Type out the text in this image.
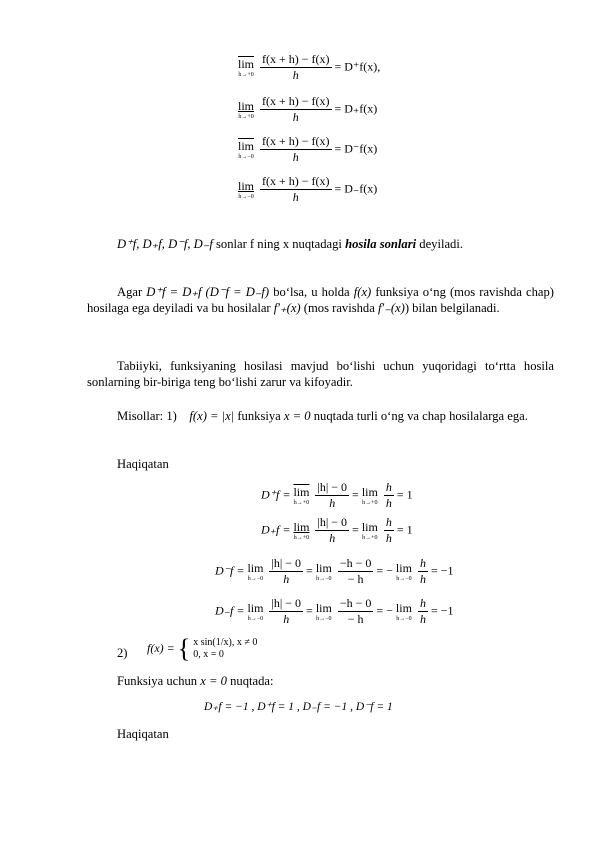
$\overline{lim}$
h→+0
$\frac{f(x + h) - f(x)}{h} = D^+f(x)$,
lim
h→+0
$\frac{f(x + h) - f(x)}{h} = D_+f(x)$
$\overline{lim}$
h→−0
$\frac{f(x + h) - f(x)}{h} = D^-f(x)$
lim
h→−0
$\frac{f(x + h) - f(x)}{h} = D_-f(x)$
D⁺f, D₊f, D⁻f, D₋f sonlar f ning x nuqtadagi hosila sonlari deyiladi.
Agar D⁺f = D₊f (D⁻f = D₋f) bo‘lsa, u holda f(x) funksiya o‘ng (mos ravishda chap) hosilaga ega deyiladi va bu hosilalar f′₊(x) (mos ravishda f′₋(x)) bilan belgilanadi.
Tabiiyki, funksiyaning hosilasi mavjud bo‘lishi uchun yuqoridagi to‘rtta hosila sonlarning bir-biriga teng bo‘lishi zarur va kifoyadir.
Misollar: 1) f(x) = |x| funksiya x = 0 nuqtada turli o‘ng va chap hosilalarga ega.
Haqiqatan
$D^+f = \overline{lim}$
h→+0
$\frac{|h| - 0}{h} = \lim$
h→+0
$\frac{h}{h} = 1$
D₊f = lim
h→+0
$\frac{|h| - 0}{h} = \lim$
h→+0
$\frac{h}{h} = 1$
D⁻f = lim
h→−0
$\frac{|h| - 0}{h} = \lim$
h→−0
$\frac{-h - 0}{- h}$ = − lim
h→−0
$\frac{h}{h} = -1$
D₋f = lim
h→−0
$\frac{|h| - 0}{h} = \lim$
h→−0
$\frac{-h - 0}{- h}$ = − lim
h→−0
$\frac{h}{h} = -1$
2) f(x) = { x sin(1/x), x ≠ 0
0, x = 0
Funksiya uchun x = 0 nuqtada:
D₊f = −1 , D⁺f = 1 , D₋f = −1 , D⁻f = 1
Haqiqatan
